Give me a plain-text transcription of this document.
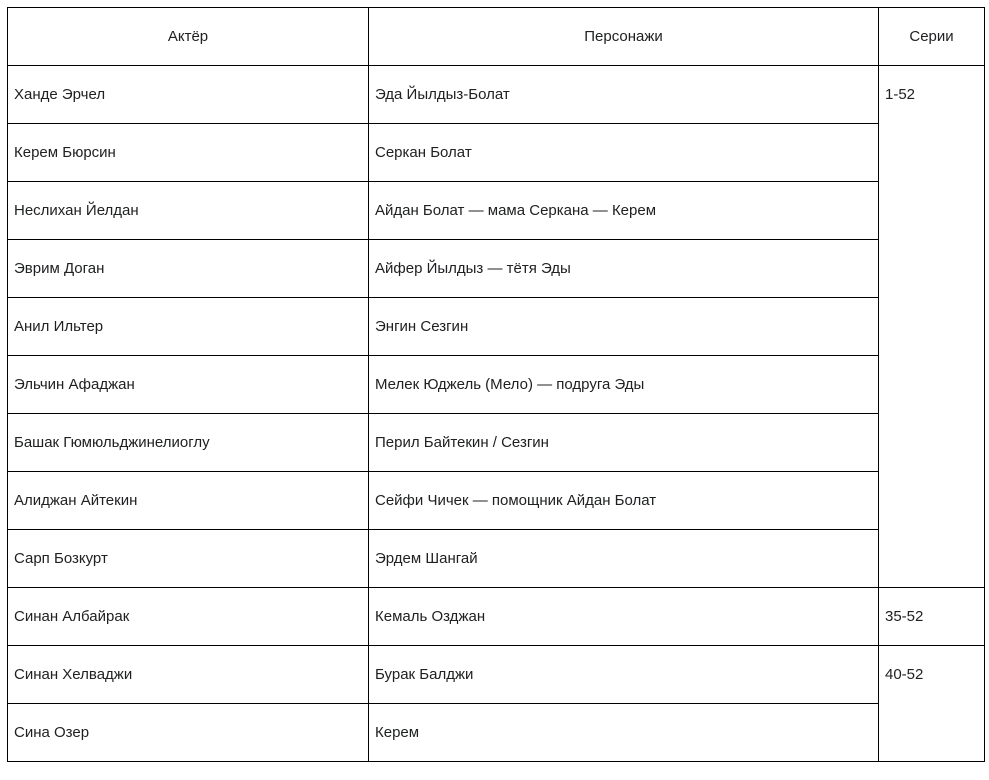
Актёр	Персонажи	Серии
Ханде Эрчел	Эда Йылдыз-Болат	1-52
Керем Бюрсин	Серкан Болат	
Неслихан Йелдан	Айдан Болат — мама Серкана — Керем	
Эврим Доган	Айфер Йылдыз — тётя Эды	
Анил Ильтер	Энгин Сезгин	
Эльчин Афаджан	Мелек Юджель (Мело) — подруга Эды	
Башак Гюмюльджинелиоглу	Перил Байтекин / Сезгин	
Алиджан Айтекин	Сейфи Чичек — помощник Айдан Болат	
Сарп Бозкурт	Эрдем Шангай	
Синан Албайрак	Кемаль Озджан	35-52
Синан Хелваджи	Бурак Балджи	40-52
Сина Озер	Керем	
